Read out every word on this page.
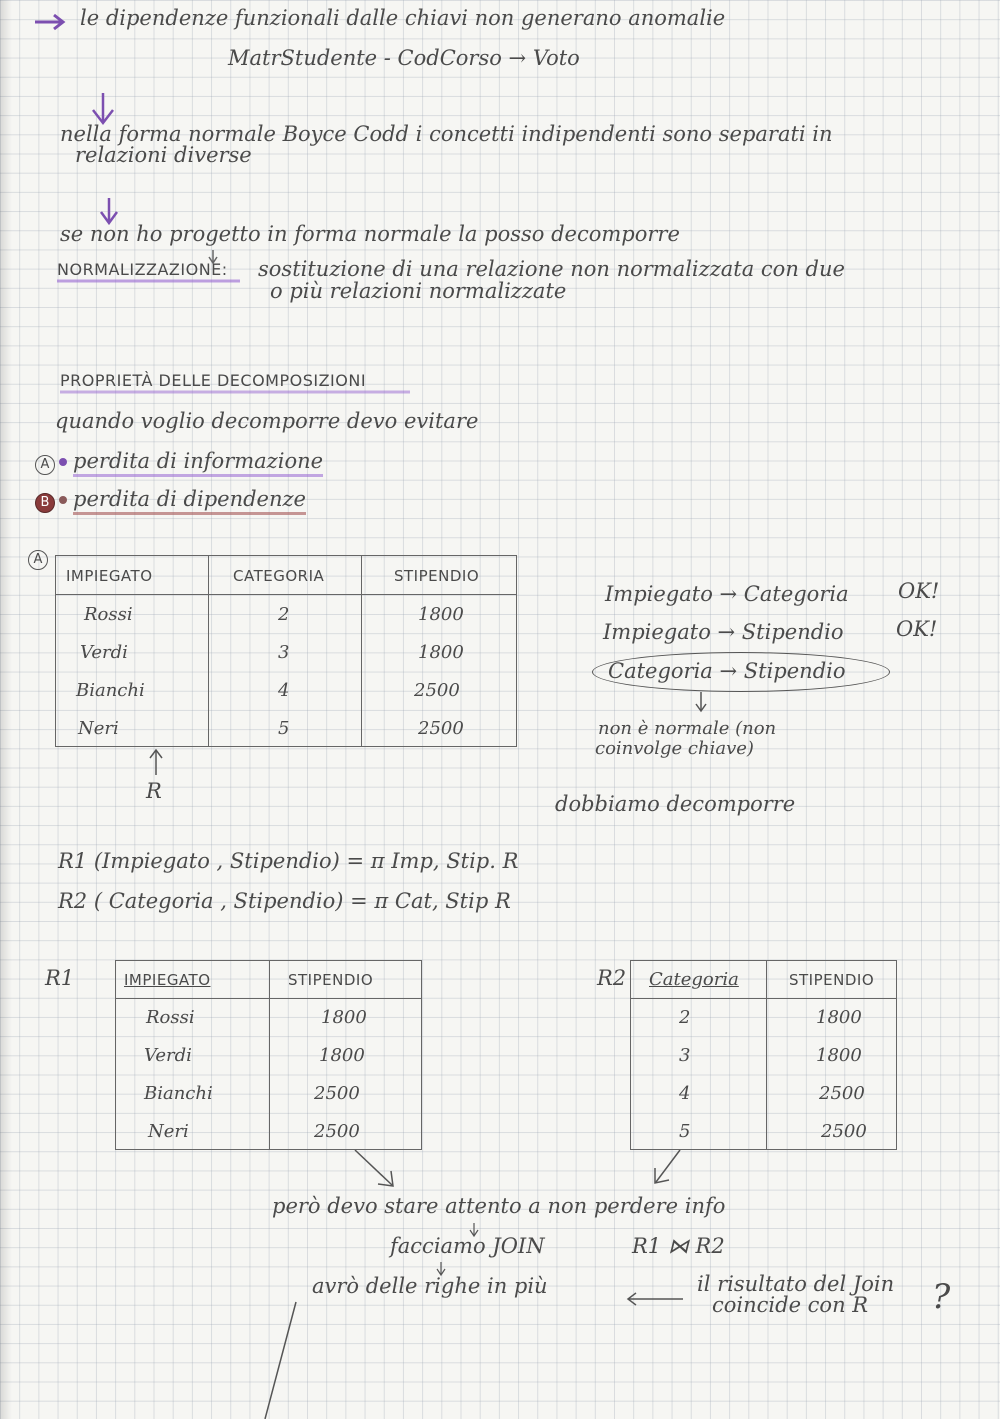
le dipendenze funzionali dalle chiavi non generano anomalie
MatrStudente - CodCorso → Voto
nella forma normale Boyce Codd i concetti indipendenti sono separati in
relazioni diverse
se non ho progetto in forma normale la posso decomporre
NORMALIZZAZIONE: sostituzione di una relazione non normalizzata con due
o più relazioni normalizzate
PROPRIETÀ DELLE DECOMPOSIZIONI
quando voglio decomporre devo evitare
A perdita di informazione
B perdita di dipendenze
A
IMPIEGATO	CATEGORIA	STIPENDIO
Rossi	2	1800
Verdi	3	1800
Bianchi	4	2500
Neri	5	2500
R
Impiegato → Categoria OK!
Impiegato → Stipendio OK!
Categoria → Stipendio
non è normale (non
coinvolge chiave)
dobbiamo decomporre
R1 (Impiegato , Stipendio) = π Imp, Stip. R
R2 ( Categoria , Stipendio) = π Cat, Stip R
R1	IMPIEGATO	STIPENDIO
Rossi	1800
Verdi	1800
Bianchi	2500
Neri	2500
R2 Categoria	STIPENDIO
2	1800
3	1800
4	2500
5	2500
però devo stare attento a non perdere info
facciamo JOIN	R1 ⋈ R2
avrò delle righe in più	il risultato del Join
coincide con R ?
